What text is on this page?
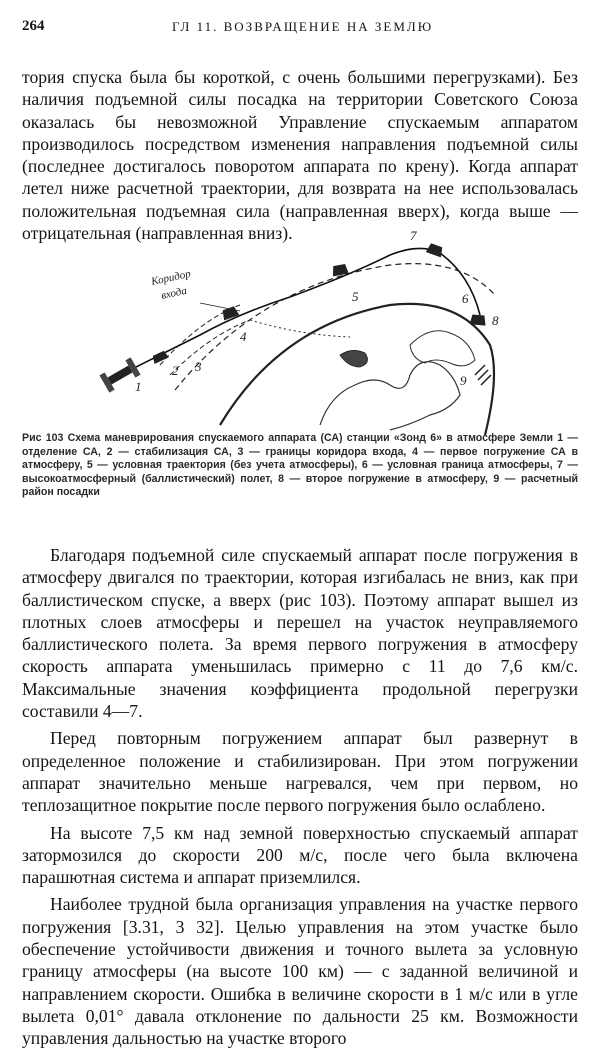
264	ГЛ 11. ВОЗВРАЩЕНИЕ НА ЗЕМЛЮ

тория спуска была бы короткой, с очень большими перегрузками). Без наличия подъемной силы посадка на территории Советского Союза оказалась бы невозможной Управление спускаемым аппаратом производилось посредством изменения направления подъемной силы (последнее достигалось поворотом аппарата по крену). Когда аппарат летел ниже расчетной траектории, для возврата на нее использовалась положительная подъемная сила (направленная вверх), когда выше — отрицательная (направленная вниз).

Коридор
входа
1
2 3
4
5	6
7
8
9
Рис 103 Схема маневрирования спускаемого аппарата (СА) станции «Зонд 6» в атмосфере Земли 1 — отделение СА, 2 — стабилизация СА, 3 — границы коридора входа, 4 — первое погружение СА в атмосферу, 5 — условная траектория (без учета атмосферы), 6 — условная граница атмосферы, 7 — высокоатмосферный (баллистический) полет, 8 — второе погружение в атмосферу, 9 — расчетный район посадки

Благодаря подъемной силе спускаемый аппарат после погружения в атмосферу двигался по траектории, которая изгибалась не вниз, как при баллистическом спуске, а вверх (рис 103). Поэтому аппарат вышел из плотных слоев атмосферы и перешел на участок неуправляемого баллистического полета. За время первого погружения в атмосферу скорость аппарата уменьшилась примерно с 11 до 7,6 км/с. Максимальные значения коэффициента продольной перегрузки составили 4—7.

Перед повторным погружением аппарат был развернут в определенное положение и стабилизирован. При этом погружении аппарат значительно меньше нагревался, чем при первом, но теплозащитное покрытие после первого погружения было ослаблено.

На высоте 7,5 км над земной поверхностью спускаемый аппарат затормозился до скорости 200 м/с, после чего была включена парашютная система и аппарат приземлился.

Наиболее трудной была организация управления на участке первого погружения [3.31, 3 32]. Целью управления на этом участке было обеспечение устойчивости движения и точного вылета за условную границу атмосферы (на высоте 100 км) — с заданной величиной и направлением скорости. Ошибка в величине скорости в 1 м/с или в угле вылета 0,01° давала отклонение по дальности 25 км. Возможности управления дальностью на участке второго
